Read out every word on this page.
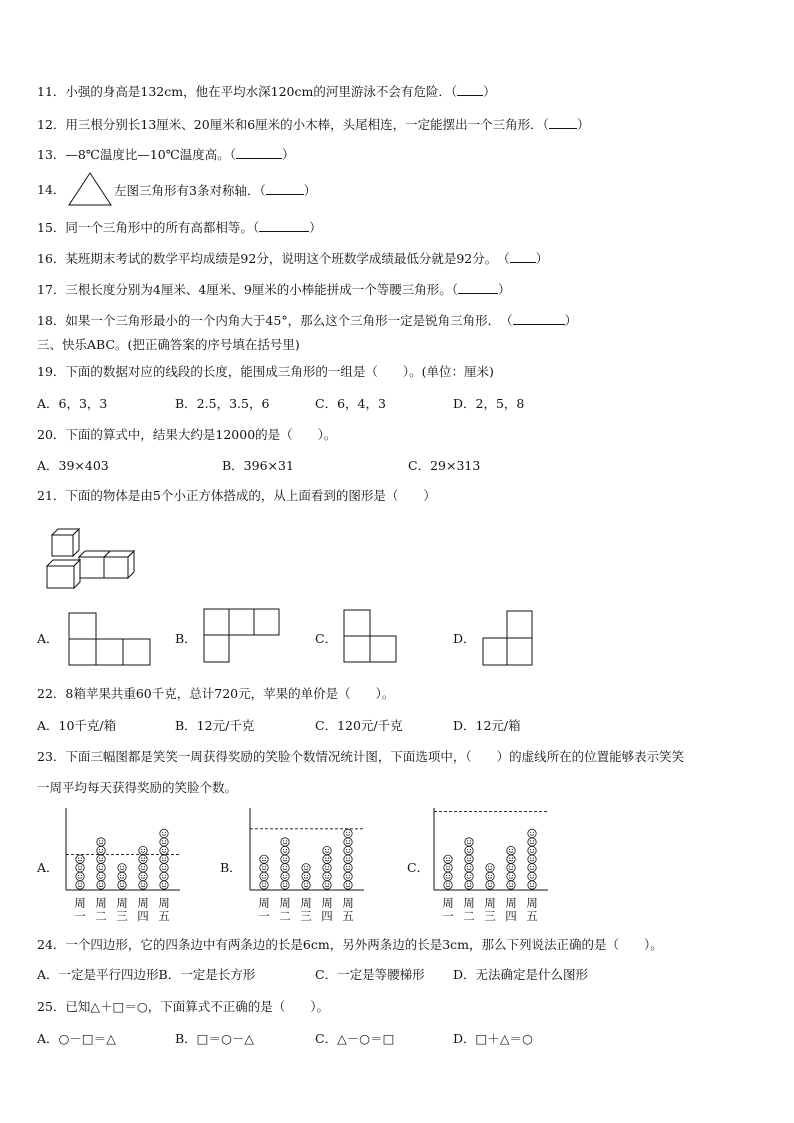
11．小强的身高是132cm，他在平均水深120cm的河里游泳不会有危险．（ ）
12．用三根分别长13厘米、20厘米和6厘米的小木棒，头尾相连，一定能摆出一个三角形．（ ）
13．—8℃温度比—10℃温度高。（	）
14．	左图三角形有3条对称轴．（	）
15．同一个三角形中的所有高都相等。（	）
16．某班期末考试的数学平均成绩是92分，说明这个班数学成绩最低分就是92分。　（ ）
17．三根长度分别为4厘米、4厘米、9厘米的小棒能拼成一个等腰三角形。（	）
18．如果一个三角形最小的一个内角大于45°，那么这个三角形一定是锐角三角形．　（	）
三、快乐ABC。(把正确答案的序号填在括号里)
19．下面的数据对应的线段的长度，能围成三角形的一组是（　　）。(单位：厘米)
A．6，3，3	B．2.5，3.5，6	C．6，4，3	D．2，5，8
20．下面的算式中，结果大约是12000的是（　　）。
A．39×403	B．396×31	C．29×313
21．下面的物体是由5个小正方体搭成的，从上面看到的图形是（　　）
A．	B．	C．	D．
22．8箱苹果共重60千克，总计720元，苹果的单价是（　　）。
A．10千克/箱	B．12元/千克	C．120元/千克	D．12元/箱
23．下面三幅图都是笑笑一周获得奖励的笑脸个数情况统计图，下面选项中，（　　）的虚线所在的位置能够表示笑笑
一周平均每天获得奖励的笑脸个数。
A．	B．	C．
周
一
周
二
周
三
周
四
周
五
周
一
周
二
周
三
周
四
周
五
周
一
周
二
周
三
周
四
周
五
24．一个四边形，它的四条边中有两条边的长是6cm，另外两条边的长是3cm，那么下列说法正确的是（　　）。
A．一定是平行四边形B．一定是长方形	C．一定是等腰梯形 D．无法确定是什么图形
25．已知△＋□＝○，下面算式不正确的是（　　）。
A．○－□＝△	B．□＝○－△	C．△－○＝□	D．□＋△＝○
